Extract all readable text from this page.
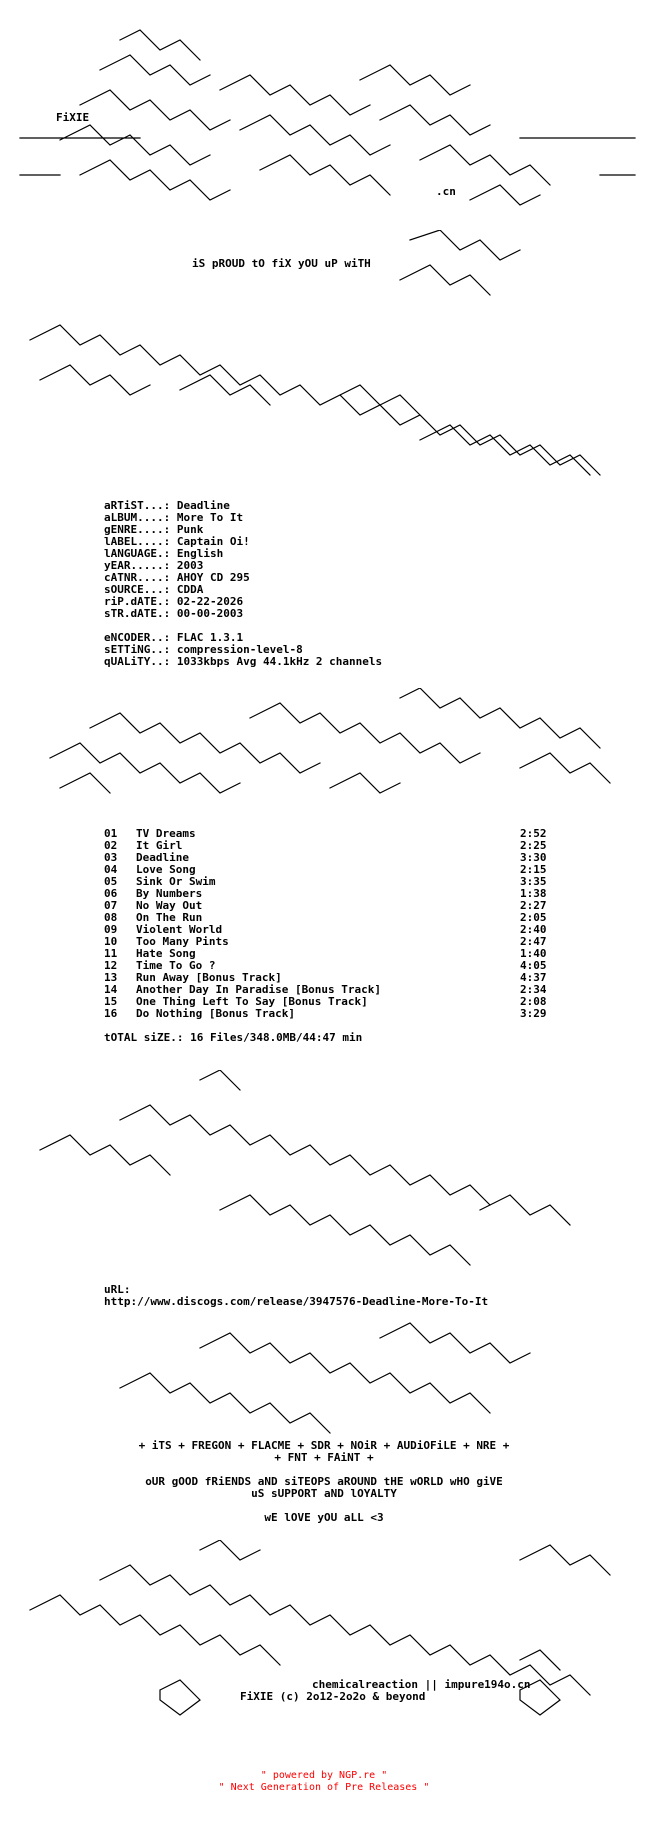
FiXIE
.cn
iS pROUD tO fiX yOU uP wiTH
aRTiST...: Deadline
aLBUM....: More To It
gENRE....: Punk
lABEL....: Captain Oi!
lANGUAGE.: English
yEAR.....: 2003
cATNR....: AHOY CD 295
sOURCE...: CDDA
riP.dATE.: 02-22-2026
sTR.dATE.: 00-00-2003
eNCODER..: FLAC 1.3.1
sETTiNG..: compression-level-8
qUALiTY..: 1033kbps Avg 44.1kHz 2 channels
01 TV Dreams	2:52
02 It Girl	2:25
03 Deadline	3:30
04 Love Song	2:15
05 Sink Or Swim	3:35
06 By Numbers	1:38
07 No Way Out	2:27
08 On The Run	2:05
09 Violent World	2:40
10 Too Many Pints	2:47
11 Hate Song	1:40
12 Time To Go ?	4:05
13 Run Away [Bonus Track]	4:37
14 Another Day In Paradise [Bonus Track]	2:34
15 One Thing Left To Say [Bonus Track]	2:08
16 Do Nothing [Bonus Track]	3:29
tOTAL siZE.: 16 Files/348.0MB/44:47 min
uRL:
http://www.discogs.com/release/3947576-Deadline-More-To-It
+ iTS + FREGON + FLACME + SDR + NOiR + AUDiOFiLE + NRE +
+ FNT + FAiNT +
oUR gOOD fRiENDS aND siTEOPS aROUND tHE wORLD wHO giVE
uS sUPPORT aND lOYALTY
wE lOVE yOU aLL <3
chemicalreaction || impure194o.cn
FiXIE (c) 2o12-2o2o & beyond
" powered by NGP.re "
" Next Generation of Pre Releases "
